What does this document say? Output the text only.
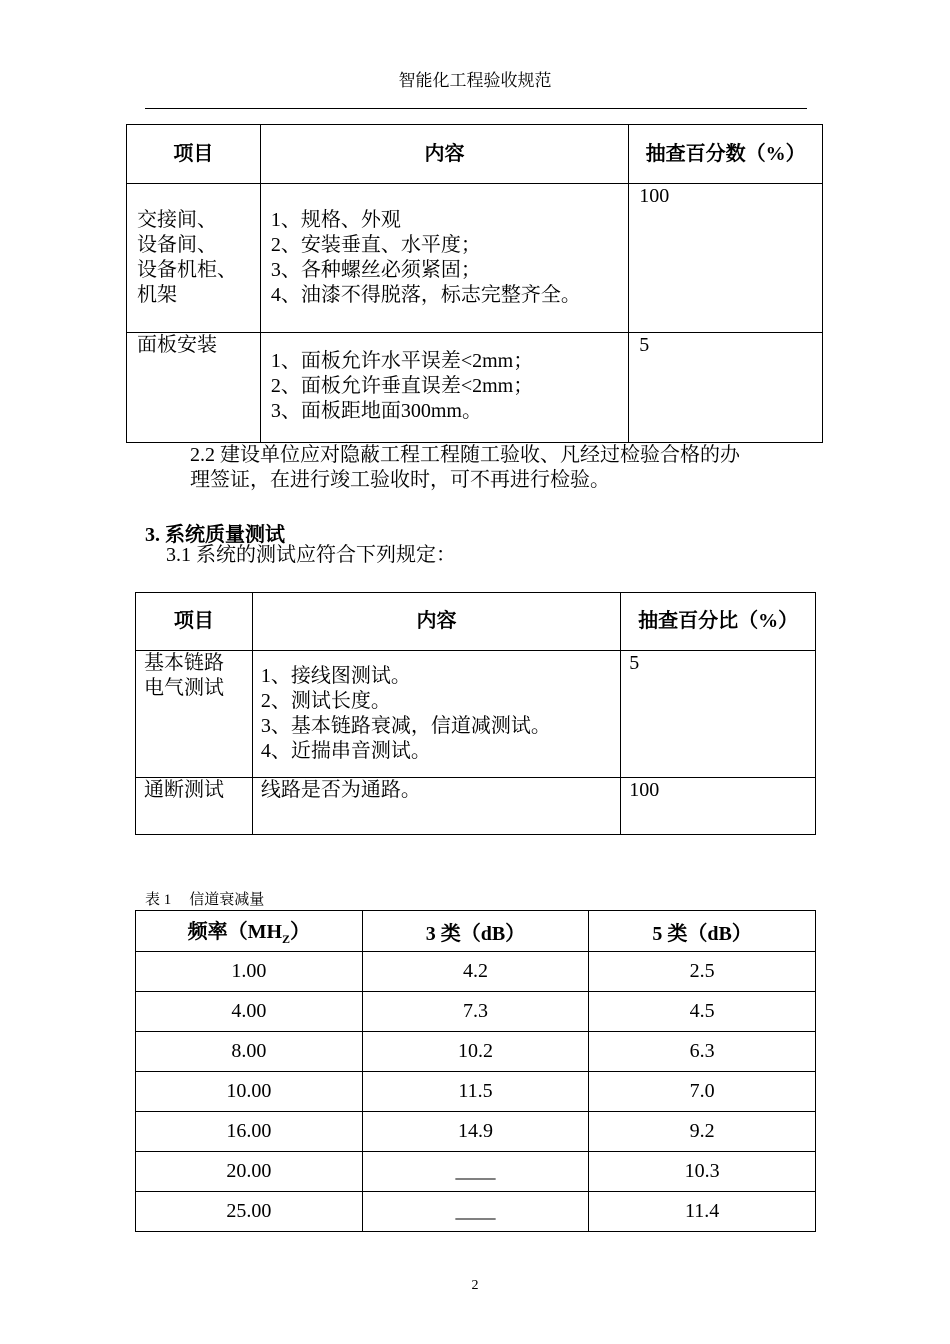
智能化工程验收规范
项目	内容	抽查百分数（%）

交接间、
设备间、
设备机柜、
机架	1、规格、外观
2、安装垂直、水平度；
3、各种螺丝必须紧固；
4、油漆不得脱落，标志完整齐全。	100

面板安装	1、面板允许水平误差<2mm；
2、面板允许垂直误差<2mm；
3、面板距地面300mm。	5
2.2 建设单位应对隐蔽工程工程随工验收、凡经过检验合格的办
理签证，在进行竣工验收时，可不再进行检验。
3. 系统质量测试
3.1 系统的测试应符合下列规定：
项目	内容	抽查百分比（%）

基本链路
电气测试	1、接线图测试。
2、测试长度。
3、基本链路衰减，信道减测试。
4、近揣串音测试。	5

通断测试	线路是否为通路。	100
表 1 信道衰减量
频率$(MH_Z)$	3 类（dB）	5 类（dB）
1.00	4.2	2.5
4.00	7.3	4.5
8.00	10.2	6.3
10.00	11.5	7.0
16.00	14.9	9.2
20.00	____	10.3
25.00	____	11.4
2
